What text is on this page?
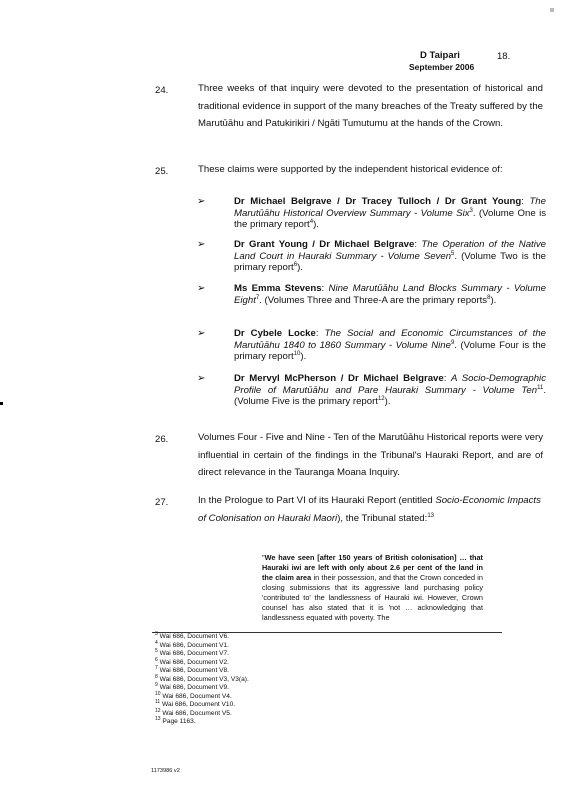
D Taipari
September 2006
18.
24.	Three weeks of that inquiry were devoted to the presentation of historical and traditional evidence in support of the many breaches of the Treaty suffered by the Marutūāhu and Patukirikiri / Ngāti Tumutumu at the hands of the Crown.
25.	These claims were supported by the independent historical evidence of:
➢	Dr Michael Belgrave / Dr Tracey Tulloch / Dr Grant Young: The Marutūāhu Historical Overview Summary - Volume Six$^3$. (Volume One is the primary report$^4$).
➢	Dr Grant Young / Dr Michael Belgrave: The Operation of the Native Land Court in Hauraki Summary - Volume Seven$^5$. (Volume Two is the primary report$^6$).
➢	Ms Emma Stevens: Nine Marutūāhu Land Blocks Summary - Volume Eight$^7$. (Volumes Three and Three-A are the primary reports$^8$).
➢	Dr Cybele Locke: The Social and Economic Circumstances of the Marutūāhu 1840 to 1860 Summary - Volume Nine$^9$. (Volume Four is the primary report$^{10}$).
➢	Dr Mervyl McPherson / Dr Michael Belgrave: A Socio-Demographic Profile of Marutūāhu and Pare Hauraki Summary - Volume Ten$^{11}$. (Volume Five is the primary report$^{12}$).
26.	Volumes Four - Five and Nine - Ten of the Marutūāhu Historical reports were very influential in certain of the findings in the Tribunal's Hauraki Report, and are of direct relevance in the Tauranga Moana Inquiry.
27.	In the Prologue to Part VI of its Hauraki Report (entitled Socio-Economic Impacts of Colonisation on Hauraki Maori), the Tribunal stated:$^{13}$
"We have seen [after 150 years of British colonisation] … that Hauraki iwi are left with only about 2.6 per cent of the land in the claim area in their possession, and that the Crown conceded in closing submissions that its aggressive land purchasing policy 'contributed to' the landlessness of Hauraki iwi. However, Crown counsel has also stated that it is 'not … acknowledging that landlessness equated with poverty. The
$^3$ Wai 686, Document V6.
$^4$ Wai 686, Document V1.
$^5$ Wai 686, Document V7.
$^6$ Wai 686, Document V2.
$^7$ Wai 686, Document V8.
$^8$ Wai 686, Document V3, V3(a).
$^9$ Wai 686, Document V9.
$^{10}$ Wai 686, Document V4.
$^{11}$ Wai 686, Document V10.
$^{12}$ Wai 686, Document V5.
$^{13}$ Page 1163.
1173986 v2
